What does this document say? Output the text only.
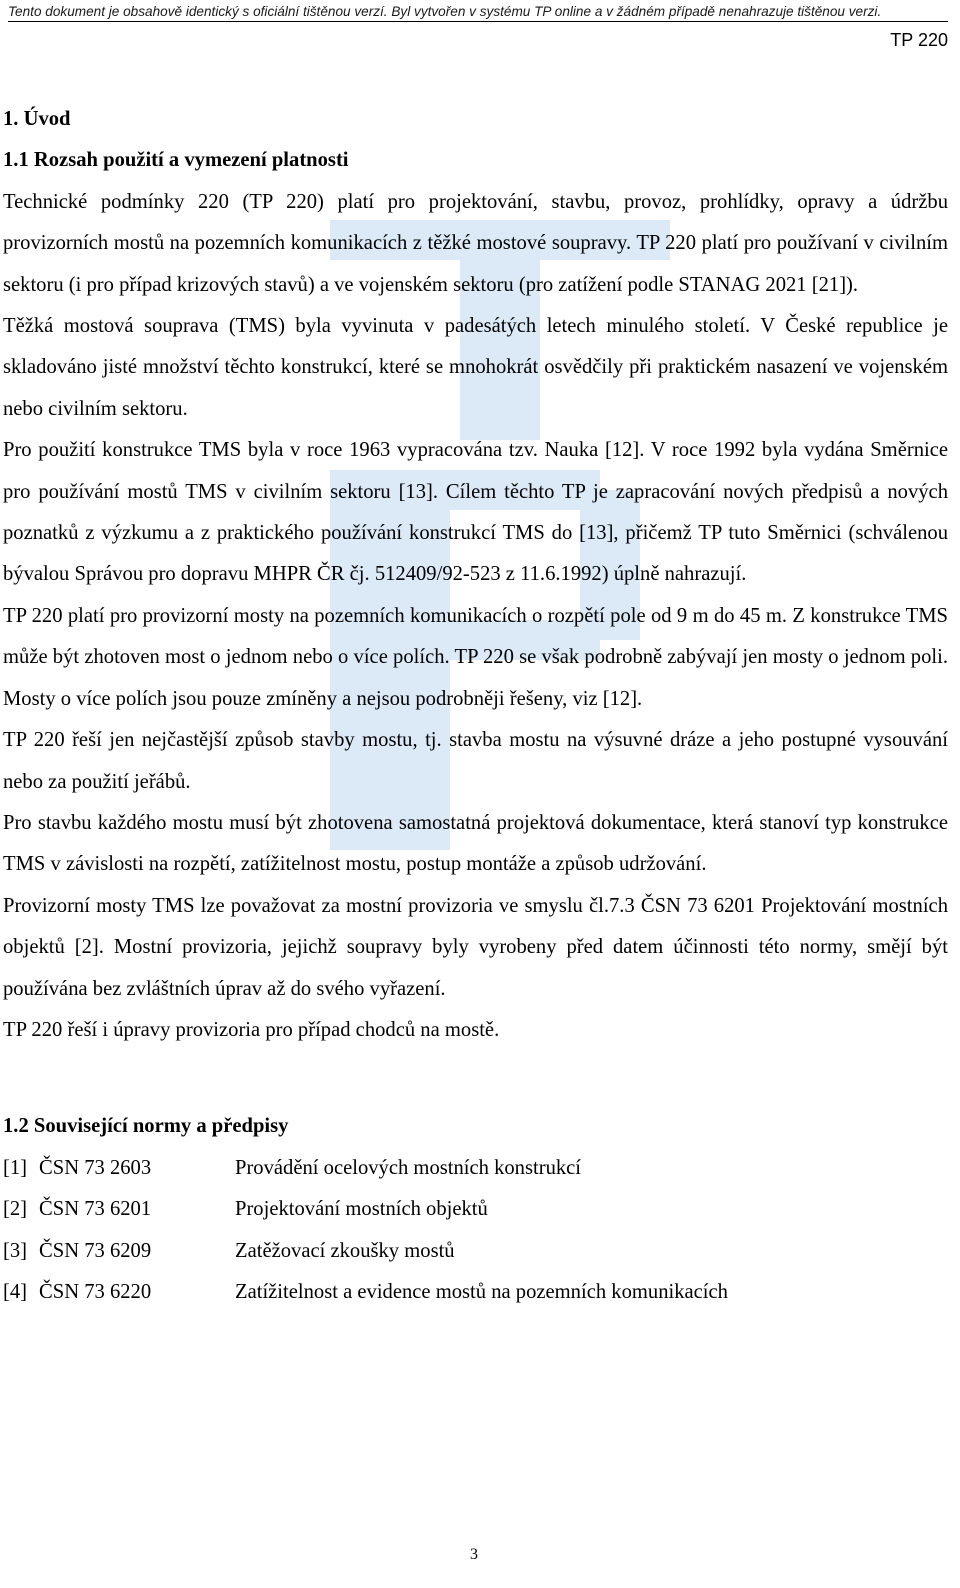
Tento dokument je obsahově identický s oficiální tištěnou verzí. Byl vytvořen v systému TP online a v žádném případě nenahrazuje tištěnou verzi.
TP 220
1. Úvod
1.1 Rozsah použití a vymezení platnosti

Technické podmínky 220 (TP 220) platí pro projektování, stavbu, provoz, prohlídky, opravy a údržbu provizorních mostů na pozemních komunikacích z těžké mostové soupravy. TP 220 platí pro používaní v civilním sektoru (i pro případ krizových stavů) a ve vojenském sektoru (pro zatížení podle STANAG 2021 [21]).

Těžká mostová souprava (TMS) byla vyvinuta v padesátých letech minulého století. V České republice je skladováno jisté množství těchto konstrukcí, které se mnohokrát osvědčily při praktickém nasazení ve vojenském nebo civilním sektoru.

Pro použití konstrukce TMS byla v roce 1963 vypracována tzv. Nauka [12]. V roce 1992 byla vydána Směrnice pro používání mostů TMS v civilním sektoru [13]. Cílem těchto TP je zapracování nových předpisů a nových poznatků z výzkumu a z praktického používání konstrukcí TMS do [13], přičemž TP tuto Směrnici (schválenou bývalou Správou pro dopravu MHPR ČR čj. 512409/92-523 z 11.6.1992) úplně nahrazují.

TP 220 platí pro provizorní mosty na pozemních komunikacích o rozpětí pole od 9 m do 45 m. Z konstrukce TMS může být zhotoven most o jednom nebo o více polích. TP 220 se však podrobně zabývají jen mosty o jednom poli. Mosty o více polích jsou pouze zmíněny a nejsou podrobněji řešeny, viz [12].

TP 220 řeší jen nejčastější způsob stavby mostu, tj. stavba mostu na výsuvné dráze a jeho postupné vysouvání nebo za použití jeřábů.

Pro stavbu každého mostu musí být zhotovena samostatná projektová dokumentace, která stanoví typ konstrukce TMS v závislosti na rozpětí, zatížitelnost mostu, postup montáže a způsob udržování.

Provizorní mosty TMS lze považovat za mostní provizoria ve smyslu čl.7.3 ČSN 73 6201 Projektování mostních objektů [2]. Mostní provizoria, jejichž soupravy byly vyrobeny před datem účinnosti této normy, smějí být používána bez zvláštních úprav až do svého vyřazení.

TP 220 řeší i úpravy provizoria pro případ chodců na mostě.

1.2 Související normy a předpisy
[1] ČSN 73 2603	Provádění ocelových mostních konstrukcí
[2] ČSN 73 6201	Projektování mostních objektů
[3] ČSN 73 6209	Zatěžovací zkoušky mostů
[4] ČSN 73 6220	Zatížitelnost a evidence mostů na pozemních komunikacích
3
